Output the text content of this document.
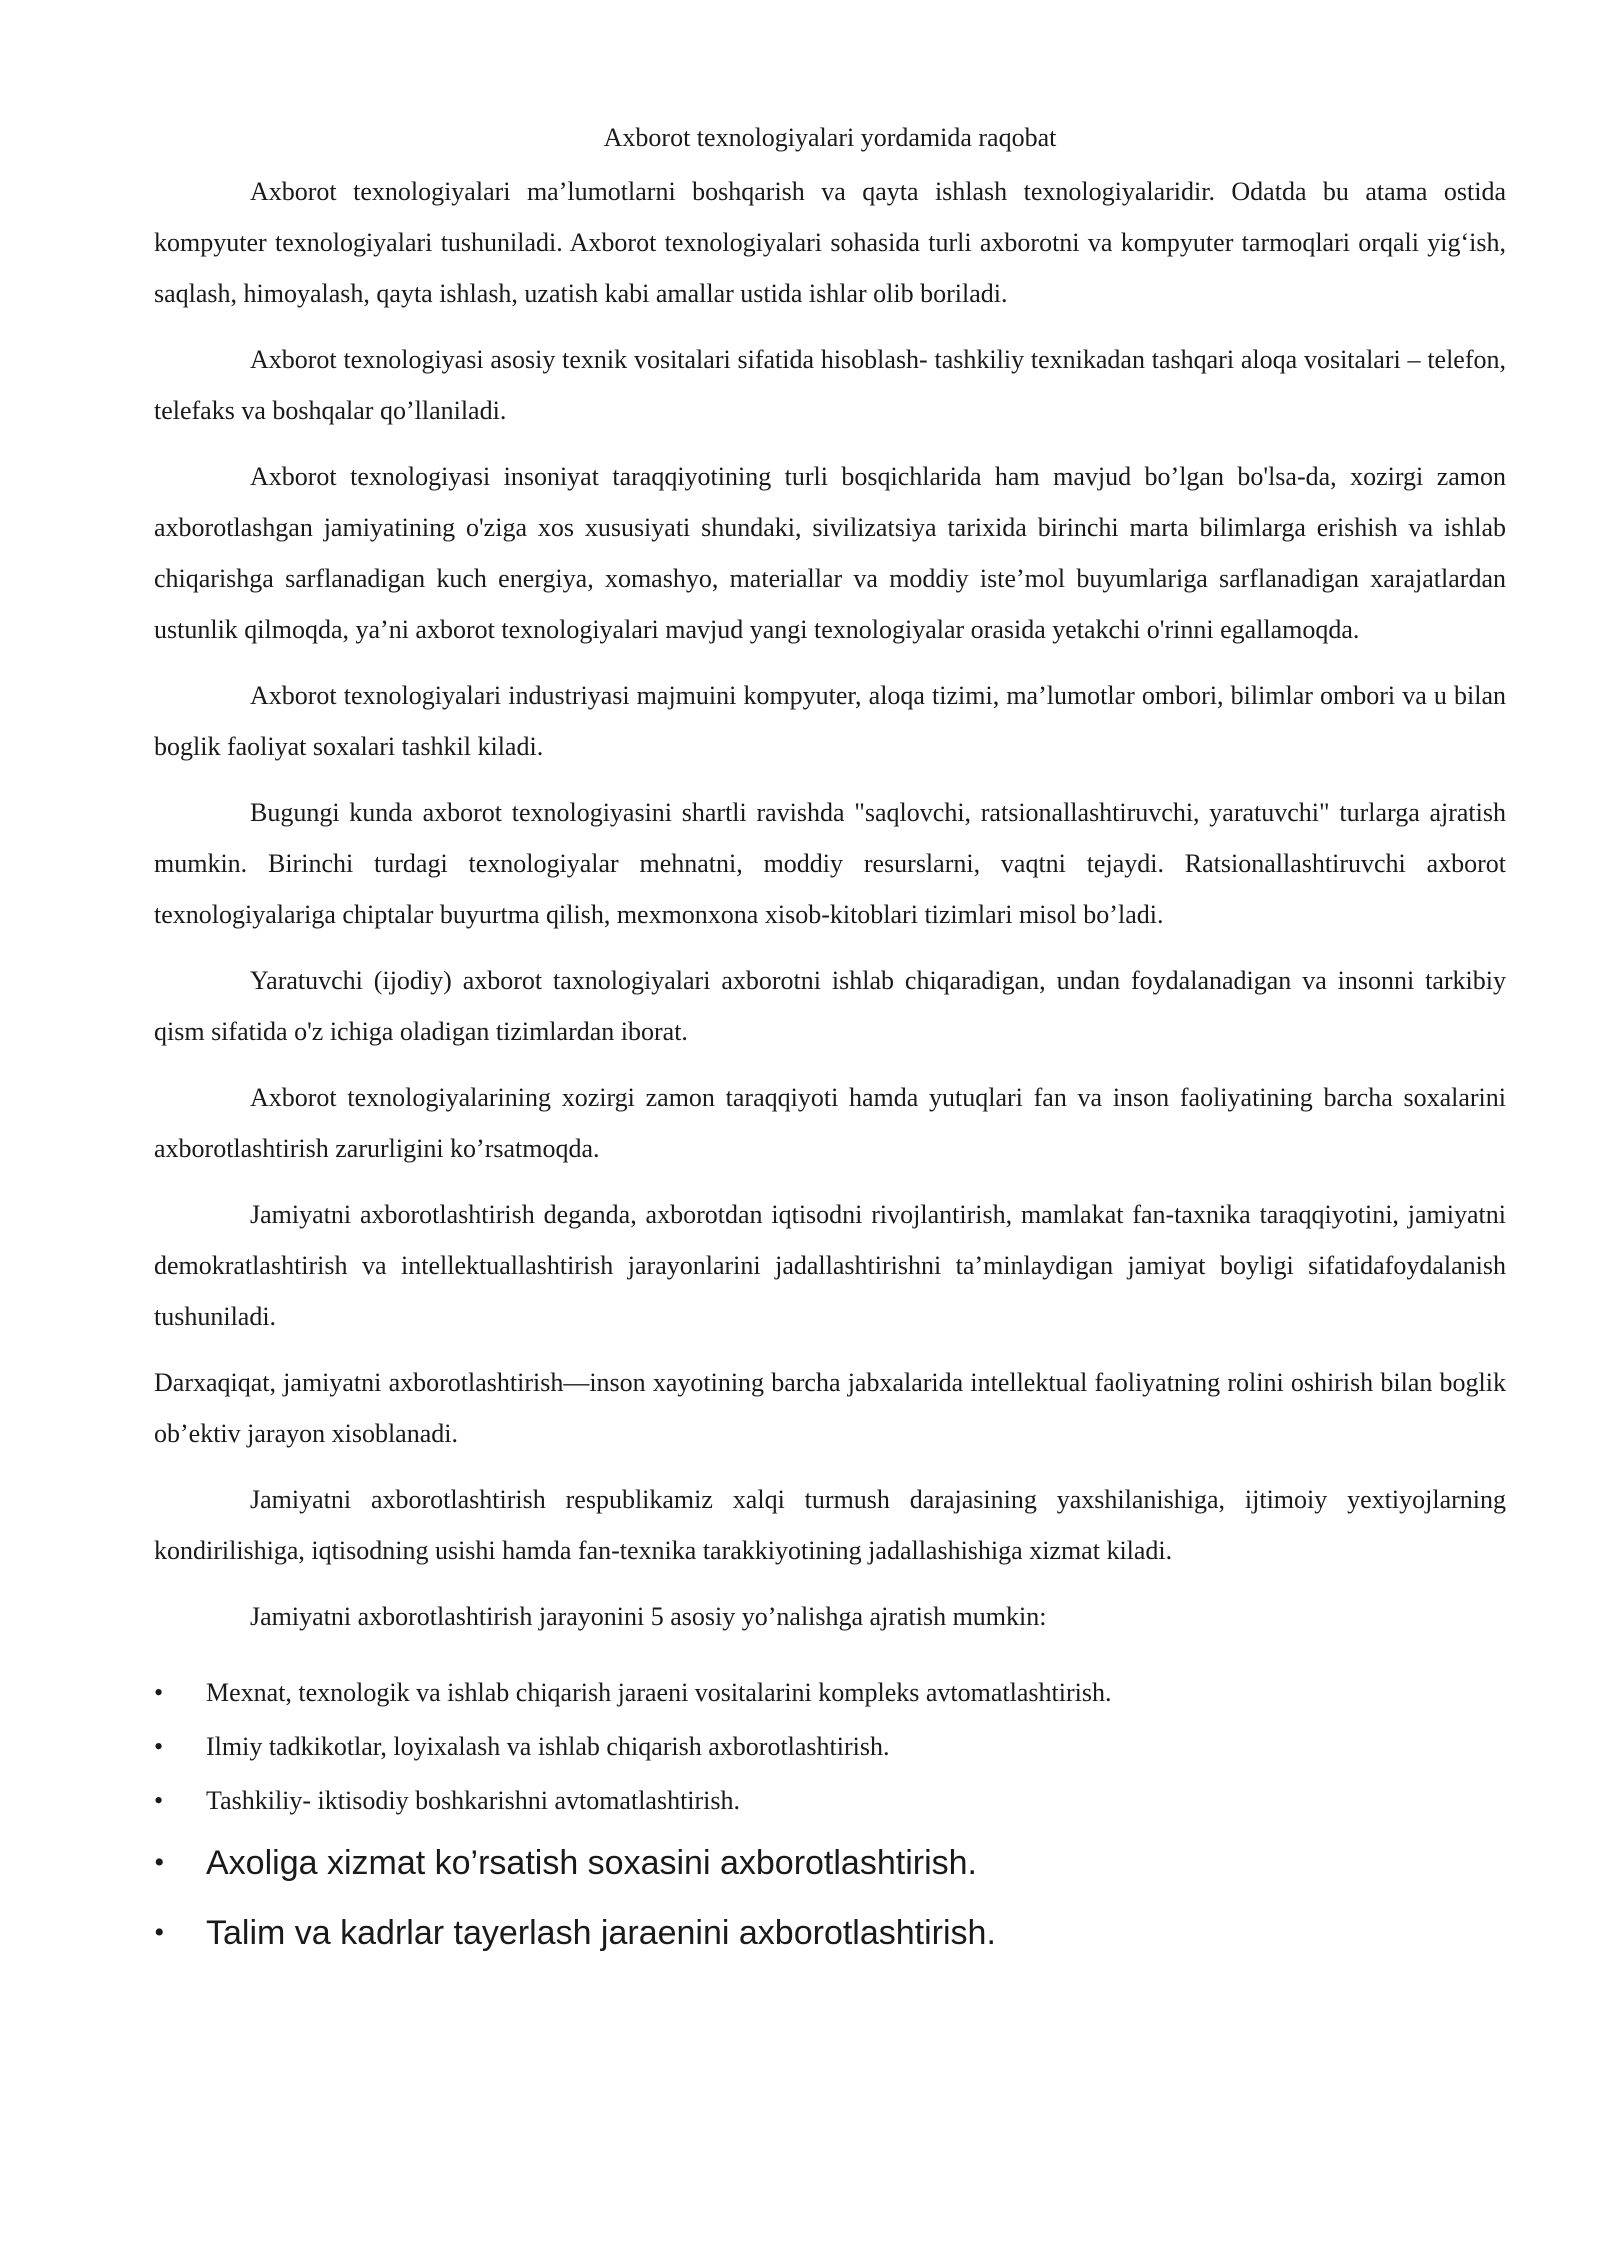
Axborot texnologiyalari yordamida raqobat

Axborot texnologiyalari ma’lumotlarni boshqarish va qayta ishlash texnologiyalaridir. Odatda bu atama ostida kompyuter texnologiyalari tushuniladi. Axborot texnologiyalari sohasida turli axborotni va kompyuter tarmoqlari orqali yig‘ish, saqlash, himoyalash, qayta ishlash, uzatish kabi amallar ustida ishlar olib boriladi.

Axborot texnologiyasi asosiy texnik vositalari sifatida hisoblash- tashkiliy texnikadan tashqari aloqa vositalari – telefon, telefaks va boshqalar qo’llaniladi.

Axborot texnologiyasi insoniyat taraqqiyotining turli bosqichlarida ham mavjud bo’lgan bo'lsa-da, xozirgi zamon axborotlashgan jamiyatining o'ziga xos xususiyati shundaki, sivilizatsiya tarixida birinchi marta bilimlarga erishish va ishlab chiqarishga sarflanadigan kuch energiya, xomashyo, materiallar va moddiy iste’mol buyumlariga sarflanadigan xarajatlardan ustunlik qilmoqda, ya’ni axborot texnologiyalari mavjud yangi texnologiyalar orasida yetakchi o'rinni egallamoqda.

Axborot texnologiyalari industriyasi majmuini kompyuter, aloqa tizimi, ma’lumotlar ombori, bilimlar ombori va u bilan boglik faoliyat soxalari tashkil kiladi.

Bugungi kunda axborot texnologiyasini shartli ravishda "saqlovchi, ratsionallashtiruvchi, yaratuvchi" turlarga ajratish mumkin. Birinchi turdagi texnologiyalar mehnatni, moddiy resurslarni, vaqtni tejaydi. Ratsionallashtiruvchi axborot texnologiyalariga chiptalar buyurtma qilish, mexmonxona xisob-kitoblari tizimlari misol bo’ladi.

Yaratuvchi (ijodiy) axborot taxnologiyalari axborotni ishlab chiqaradigan, undan foydalanadigan va insonni tarkibiy qism sifatida o'z ichiga oladigan tizimlardan iborat.

Axborot texnologiyalarining xozirgi zamon taraqqiyoti hamda yutuqlari fan va inson faoliyatining barcha soxalarini axborotlashtirish zarurligini ko’rsatmoqda.

Jamiyatni axborotlashtirish deganda, axborotdan iqtisodni rivojlantirish, mamlakat fan-taxnika taraqqiyotini, jamiyatni demokratlashtirish va intellektuallashtirish jarayonlarini jadallashtirishni ta’minlaydigan jamiyat boyligi sifatidafoydalanish tushuniladi.

Darxaqiqat, jamiyatni axborotlashtirish—inson xayotining barcha jabxalarida intellektual faoliyatning rolini oshirish bilan boglik ob’ektiv jarayon xisoblanadi.

Jamiyatni axborotlashtirish respublikamiz xalqi turmush darajasining yaxshilanishiga, ijtimoiy yextiyojlarning kondirilishiga, iqtisodning usishi hamda fan-texnika tarakkiyotining jadallashishiga xizmat kiladi.

Jamiyatni axborotlashtirish jarayonini 5 asosiy yo’nalishga ajratish mumkin:

• Mexnat, texnologik va ishlab chiqarish jaraeni vositalarini kompleks avtomatlashtirish.
• Ilmiy tadkikotlar, loyixalash va ishlab chiqarish axborotlashtirish.
• Tashkiliy- iktisodiy boshkarishni avtomatlashtirish.
• Axoliga xizmat ko’rsatish soxasini axborotlashtirish.
• Talim va kadrlar tayerlash jaraenini axborotlashtirish.
